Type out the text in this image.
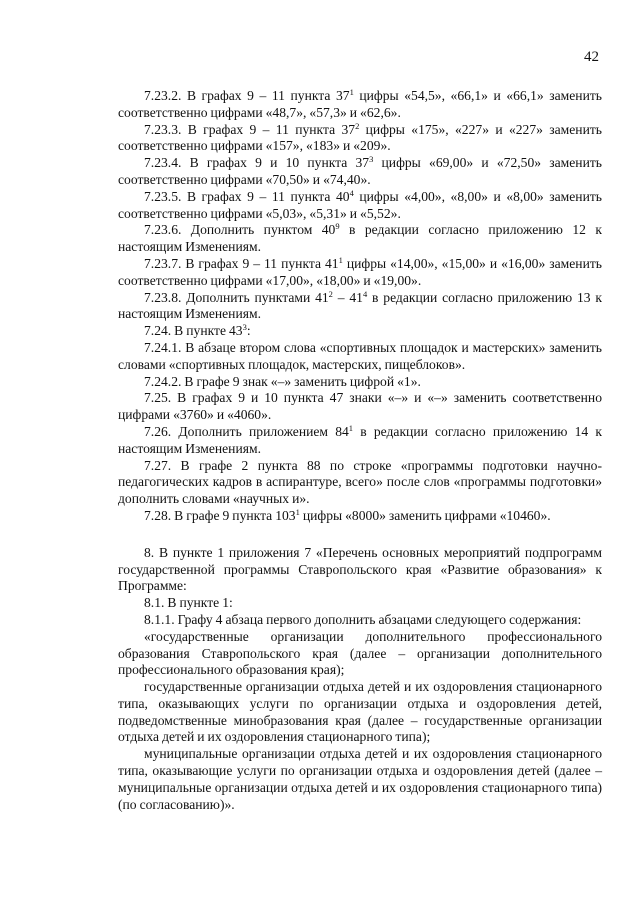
42

7.23.2. В графах 9 – 11 пункта $37^1$ цифры «54,5», «66,1» и «66,1» заменить соответственно цифрами «48,7», «57,3» и «62,6».

7.23.3. В графах 9 – 11 пункта $37^2$ цифры «175», «227» и «227» заменить соответственно цифрами «157», «183» и «209».

7.23.4. В графах 9 и 10 пункта $37^3$ цифры «69,00» и «72,50» заменить соответственно цифрами «70,50» и «74,40».

7.23.5. В графах 9 – 11 пункта $40^4$ цифры «4,00», «8,00» и «8,00» заменить соответственно цифрами «5,03», «5,31» и «5,52».

7.23.6. Дополнить пунктом $40^9$ в редакции согласно приложению 12 к настоящим Изменениям.

7.23.7. В графах 9 – 11 пункта $41^1$ цифры «14,00», «15,00» и «16,00» заменить соответственно цифрами «17,00», «18,00» и «19,00».

7.23.8. Дополнить пунктами $41^2 - 41^4$ в редакции согласно приложению 13 к настоящим Изменениям.

7.24. В пункте $43^3$:

7.24.1. В абзаце втором слова «спортивных площадок и мастерских» заменить словами «спортивных площадок, мастерских, пищеблоков».

7.24.2. В графе 9 знак «–» заменить цифрой «1».

7.25. В графах 9 и 10 пункта 47 знаки «–» и «–» заменить соответственно цифрами «3760» и «4060».

7.26. Дополнить приложением $84^1$ в редакции согласно приложению 14 к настоящим Изменениям.

7.27. В графе 2 пункта 88 по строке «программы подготовки научно-педагогических кадров в аспирантуре, всего» после слов «программы подготовки» дополнить словами «научных и».

7.28. В графе 9 пункта $103^1$ цифры «8000» заменить цифрами «10460».

8. В пункте 1 приложения 7 «Перечень основных мероприятий подпрограмм государственной программы Ставропольского края «Развитие образования» к Программе:

8.1. В пункте 1:

8.1.1. Графу 4 абзаца первого дополнить абзацами следующего содержания:

«государственные организации дополнительного профессионального образования Ставропольского края (далее – организации дополнительного профессионального образования края);

государственные организации отдыха детей и их оздоровления стационарного типа, оказывающих услуги по организации отдыха и оздоровления детей, подведомственные минобразования края (далее – государственные организации отдыха детей и их оздоровления стационарного типа);

муниципальные организации отдыха детей и их оздоровления стационарного типа, оказывающие услуги по организации отдыха и оздоровления детей (далее – муниципальные организации отдыха детей и их оздоровления стационарного типа) (по согласованию)».
